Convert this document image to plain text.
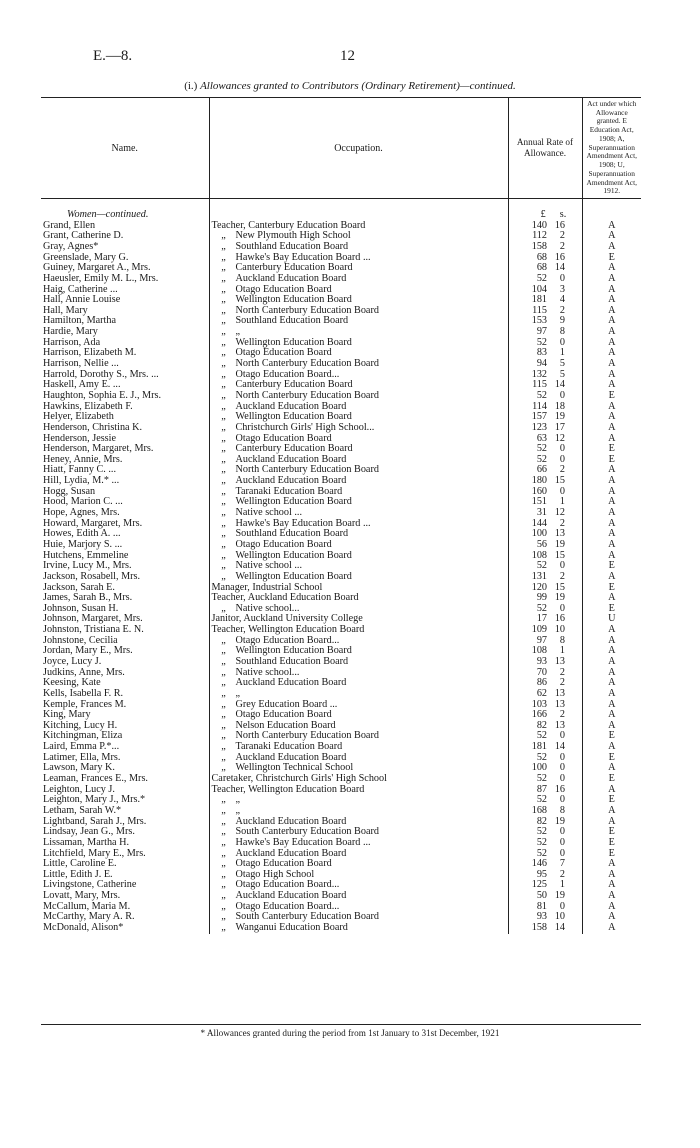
E.—8.	12
(i.) Allowances granted to Contributors (Ordinary Retirement)—continued.
Name.	Occupation.	Annual Rate of Allowance.	Act under which Allowance granted. E Education Act, 1908; A, Superannuation Amendment Act, 1908; U, Superannuation Amendment Act, 1912.

Women—continued.		£ s.	
Grand, Ellen	Teacher, Canterbury Education Board	140 16	A
Grant, Catherine D.	„ New Plymouth High School	112 2	A
Gray, Agnes*	„ Southland Education Board	158 2	A
Greenslade, Mary G.	„ Hawke's Bay Education Board ...	68 16	E
Guiney, Margaret A., Mrs.	„ Canterbury Education Board	68 14	A
Haeusler, Emily M. L., Mrs.	„ Auckland Education Board	52 0	A
Haig, Catherine ...	„ Otago Education Board	104 3	A
Hall, Annie Louise	„ Wellington Education Board	181 4	A
Hall, Mary	„ North Canterbury Education Board	115 2	A
Hamilton, Martha	„ Southland Education Board	153 9	A
Hardie, Mary	„ „	97 8	A
Harrison, Ada	„ Wellington Education Board	52 0	A
Harrison, Elizabeth M.	„ Otago Education Board	83 1	A
Harrison, Nellie ...	„ North Canterbury Education Board	94 5	A
Harrold, Dorothy S., Mrs. ...	„ Otago Education Board...	132 5	A
Haskell, Amy E. ...	„ Canterbury Education Board	115 14	A
Haughton, Sophia E. J., Mrs.	„ North Canterbury Education Board	52 0	E
Hawkins, Elizabeth F.	„ Auckland Education Board	114 18	A
Helyer, Elizabeth	„ Wellington Education Board	157 19	A
Henderson, Christina K.	„ Christchurch Girls' High School...	123 17	A
Henderson, Jessie	„ Otago Education Board	63 12	A
Henderson, Margaret, Mrs.	„ Canterbury Education Board	52 0	E
Heney, Annie, Mrs.	„ Auckland Education Board	52 0	E
Hiatt, Fanny C. ...	„ North Canterbury Education Board	66 2	A
Hill, Lydia, M.* ...	„ Auckland Education Board	180 15	A
Hogg, Susan	„ Taranaki Education Board	160 0	A
Hood, Marion C. ...	„ Wellington Education Board	151 1	A
Hope, Agnes, Mrs.	„ Native school ...	31 12	A
Howard, Margaret, Mrs.	„ Hawke's Bay Education Board ...	144 2	A
Howes, Edith A. ...	„ Southland Education Board	100 13	A
Huie, Marjory S. ...	„ Otago Education Board	56 19	A
Hutchens, Emmeline	„ Wellington Education Board	108 15	A
Irvine, Lucy M., Mrs.	„ Native school ...	52 0	E
Jackson, Rosabell, Mrs.	„ Wellington Education Board	131 2	A
Jackson, Sarah E.	Manager, Industrial School	120 15	E
James, Sarah B., Mrs.	Teacher, Auckland Education Board	99 19	A
Johnson, Susan H.	„ Native school...	52 0	E
Johnson, Margaret, Mrs.	Janitor, Auckland University College	17 16	U
Johnston, Tristiana E. N.	Teacher, Wellington Education Board	109 10	A
Johnstone, Cecilia	„ Otago Education Board...	97 8	A
Jordan, Mary E., Mrs.	„ Wellington Education Board	108 1	A
Joyce, Lucy J.	„ Southland Education Board	93 13	A
Judkins, Anne, Mrs.	„ Native school...	70 2	A
Keesing, Kate	„ Auckland Education Board	86 2	A
Kells, Isabella F. R.	„ „	62 13	A
Kemple, Frances M.	„ Grey Education Board ...	103 13	A
King, Mary	„ Otago Education Board	166 2	A
Kitching, Lucy H.	„ Nelson Education Board	82 13	A
Kitchingman, Eliza	„ North Canterbury Education Board	52 0	E
Laird, Emma P.*...	„ Taranaki Education Board	181 14	A
Latimer, Ella, Mrs.	„ Auckland Education Board	52 0	E
Lawson, Mary K.	„ Wellington Technical School	100 0	A
Leaman, Frances E., Mrs.	Caretaker, Christchurch Girls' High School	52 0	E
Leighton, Lucy J.	Teacher, Wellington Education Board	87 16	A
Leighton, Mary J., Mrs.*	„ „	52 0	E
Letham, Sarah W.*	„ „	168 8	A
Lightband, Sarah J., Mrs.	„ Auckland Education Board	82 19	A
Lindsay, Jean G., Mrs.	„ South Canterbury Education Board	52 0	E
Lissaman, Martha H.	„ Hawke's Bay Education Board ...	52 0	E
Litchfield, Mary E., Mrs.	„ Auckland Education Board	52 0	E
Little, Caroline E.	„ Otago Education Board	146 7	A
Little, Edith J. E.	„ Otago High School	95 2	A
Livingstone, Catherine	„ Otago Education Board...	125 1	A
Lovatt, Mary, Mrs.	„ Auckland Education Board	50 19	A
McCallum, Maria M.	„ Otago Education Board...	81 0	A
McCarthy, Mary A. R.	„ South Canterbury Education Board	93 10	A
McDonald, Alison*	„ Wanganui Education Board	158 14	A
* Allowances granted during the period from 1st January to 31st December, 1921
